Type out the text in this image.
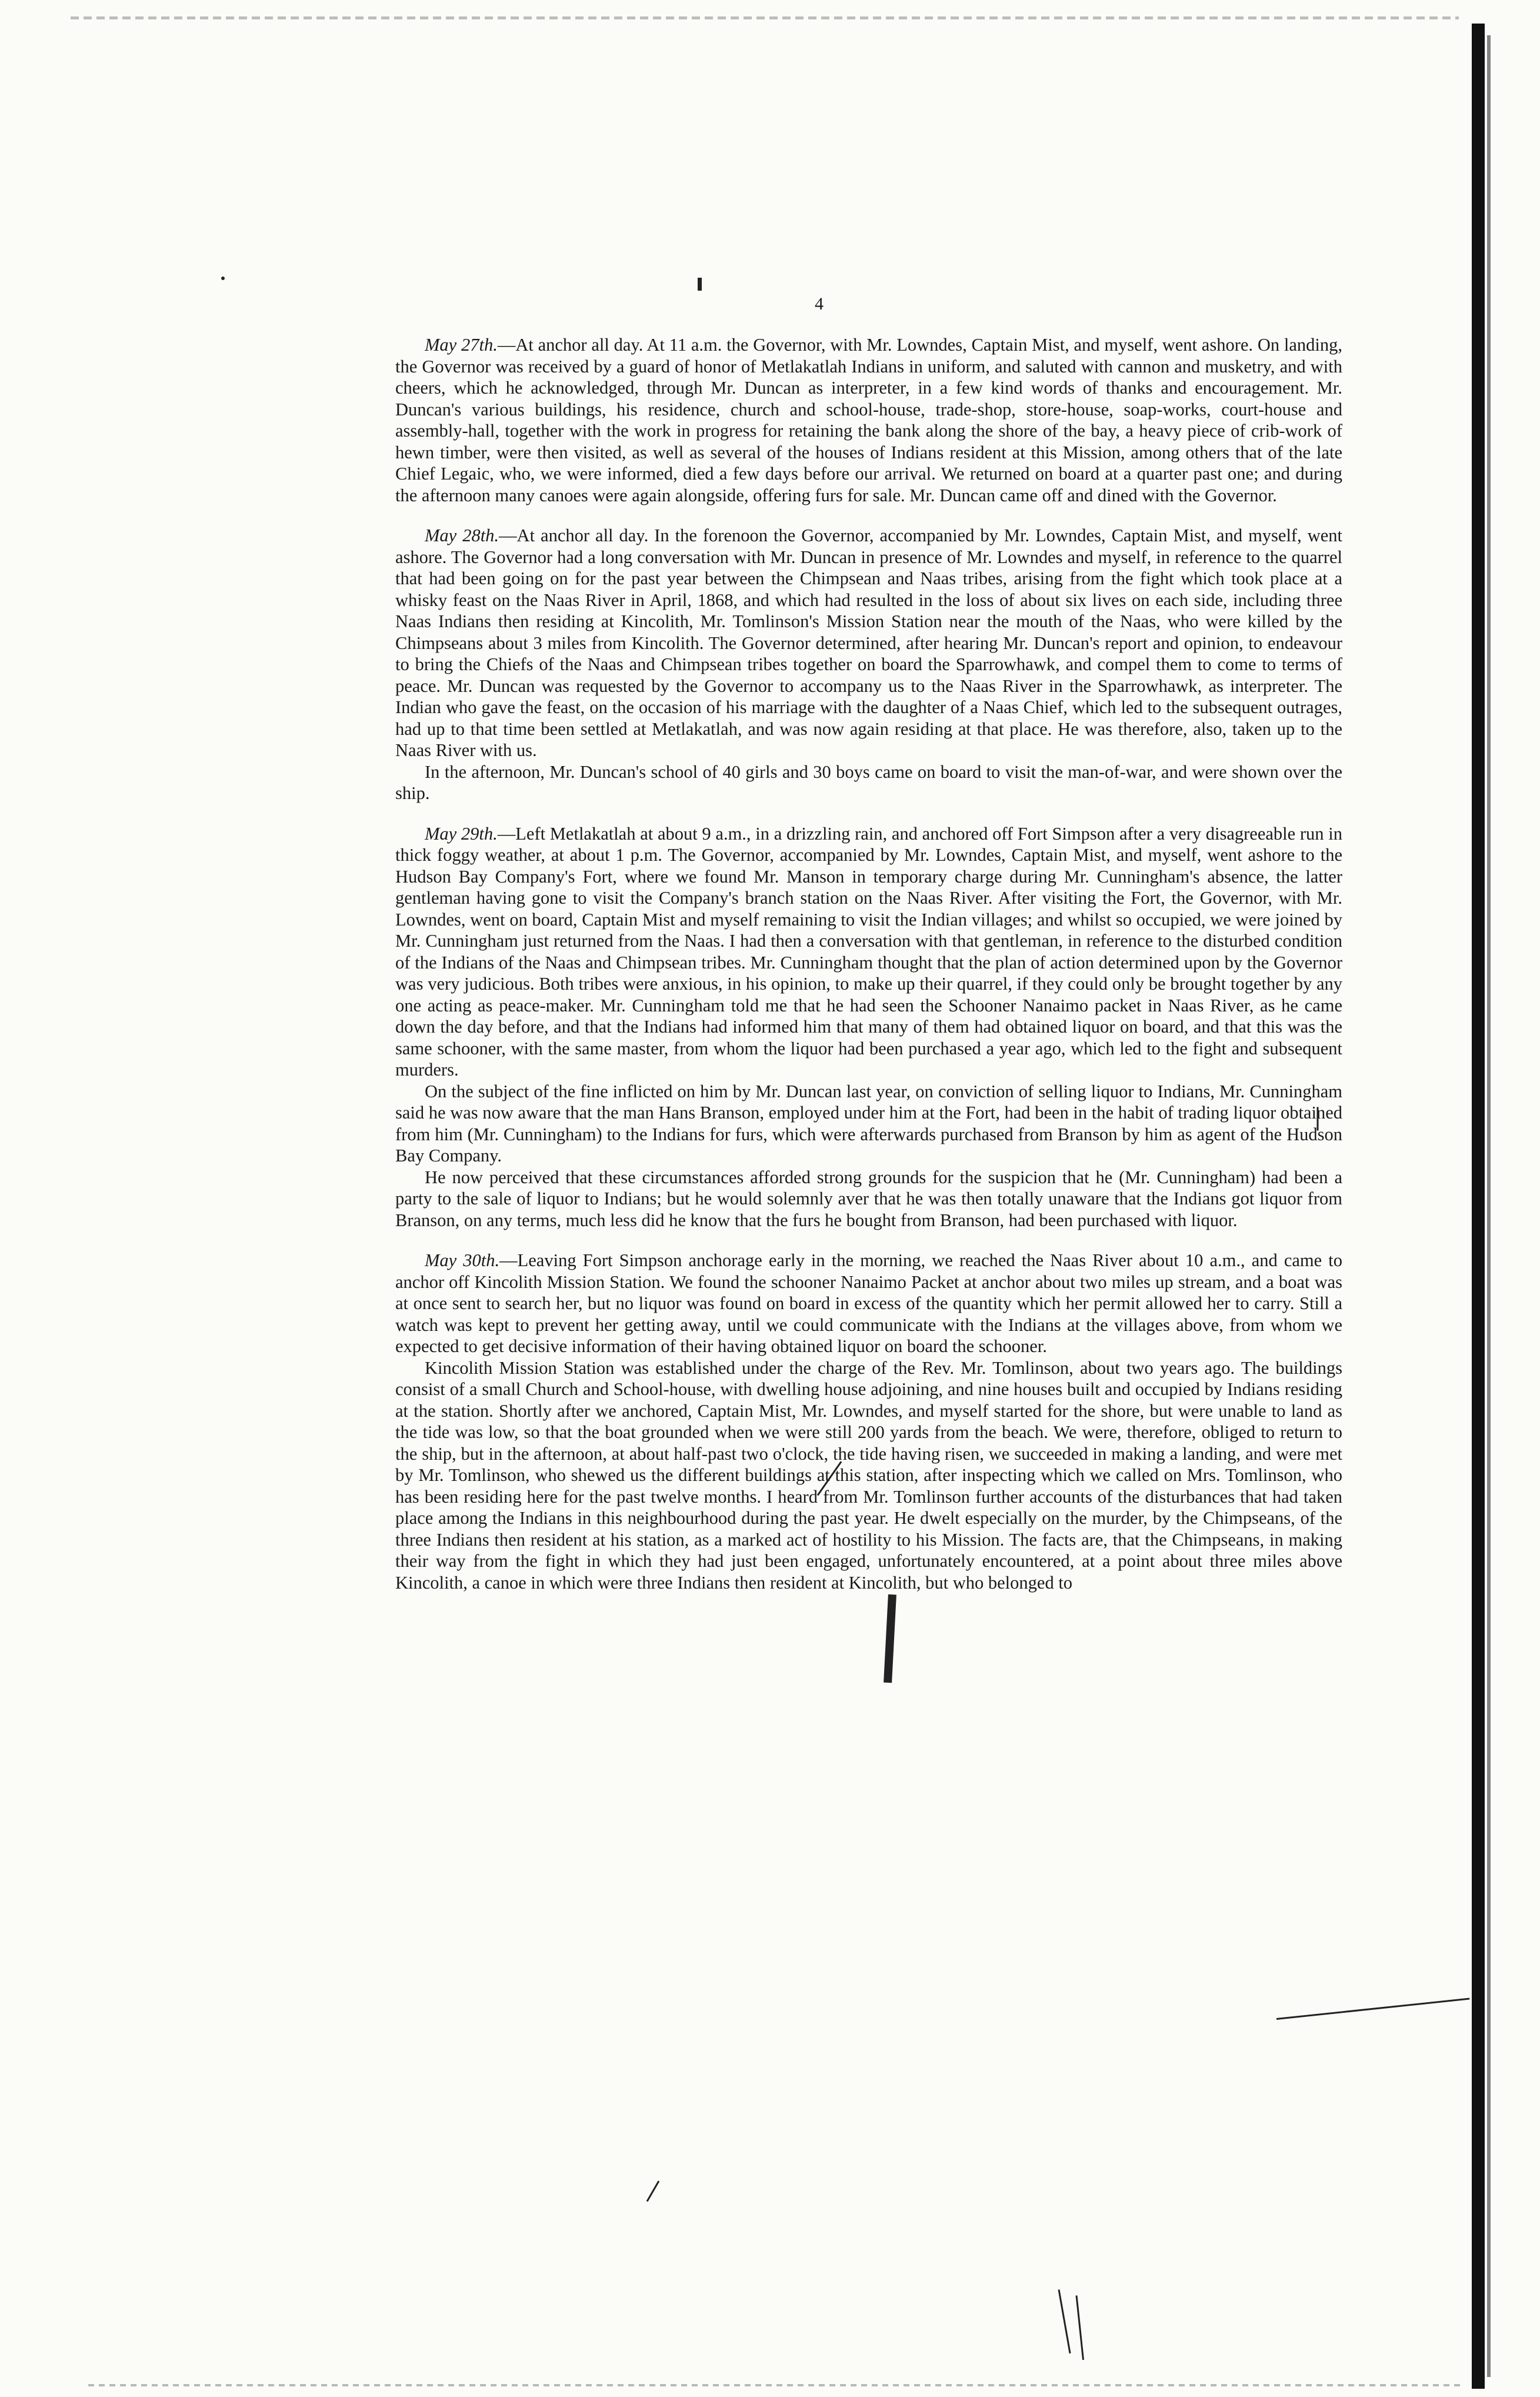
4

May 27th.—At anchor all day. At 11 a.m. the Governor, with Mr. Lowndes, Captain Mist, and myself, went ashore. On landing, the Governor was received by a guard of honor of Metlakatlah Indians in uniform, and saluted with cannon and musketry, and with cheers, which he acknowledged, through Mr. Duncan as interpreter, in a few kind words of thanks and encouragement. Mr. Duncan's various buildings, his residence, church and school-house, trade-shop, store-house, soap-works, court-house and assembly-hall, together with the work in progress for retaining the bank along the shore of the bay, a heavy piece of crib-work of hewn timber, were then visited, as well as several of the houses of Indians resident at this Mission, among others that of the late Chief Legaic, who, we were informed, died a few days before our arrival. We returned on board at a quarter past one; and during the afternoon many canoes were again alongside, offering furs for sale. Mr. Duncan came off and dined with the Governor.

May 28th.—At anchor all day. In the forenoon the Governor, accompanied by Mr. Lowndes, Captain Mist, and myself, went ashore. The Governor had a long conversation with Mr. Duncan in presence of Mr. Lowndes and myself, in reference to the quarrel that had been going on for the past year between the Chimpsean and Naas tribes, arising from the fight which took place at a whisky feast on the Naas River in April, 1868, and which had resulted in the loss of about six lives on each side, including three Naas Indians then residing at Kincolith, Mr. Tomlinson's Mission Station near the mouth of the Naas, who were killed by the Chimpseans about 3 miles from Kincolith. The Governor determined, after hearing Mr. Duncan's report and opinion, to endeavour to bring the Chiefs of the Naas and Chimpsean tribes together on board the Sparrowhawk, and compel them to come to terms of peace. Mr. Duncan was requested by the Governor to accompany us to the Naas River in the Sparrowhawk, as interpreter. The Indian who gave the feast, on the occasion of his marriage with the daughter of a Naas Chief, which led to the subsequent outrages, had up to that time been settled at Metlakatlah, and was now again residing at that place. He was therefore, also, taken up to the Naas River with us.

In the afternoon, Mr. Duncan's school of 40 girls and 30 boys came on board to visit the man-of-war, and were shown over the ship.

May 29th.—Left Metlakatlah at about 9 a.m., in a drizzling rain, and anchored off Fort Simpson after a very disagreeable run in thick foggy weather, at about 1 p.m. The Governor, accompanied by Mr. Lowndes, Captain Mist, and myself, went ashore to the Hudson Bay Company's Fort, where we found Mr. Manson in temporary charge during Mr. Cunningham's absence, the latter gentleman having gone to visit the Company's branch station on the Naas River. After visiting the Fort, the Governor, with Mr. Lowndes, went on board, Captain Mist and myself remaining to visit the Indian villages; and whilst so occupied, we were joined by Mr. Cunningham just returned from the Naas. I had then a conversation with that gentleman, in reference to the disturbed condition of the Indians of the Naas and Chimpsean tribes. Mr. Cunningham thought that the plan of action determined upon by the Governor was very judicious. Both tribes were anxious, in his opinion, to make up their quarrel, if they could only be brought together by any one acting as peace-maker. Mr. Cunningham told me that he had seen the Schooner Nanaimo packet in Naas River, as he came down the day before, and that the Indians had informed him that many of them had obtained liquor on board, and that this was the same schooner, with the same master, from whom the liquor had been purchased a year ago, which led to the fight and subsequent murders.

On the subject of the fine inflicted on him by Mr. Duncan last year, on conviction of selling liquor to Indians, Mr. Cunningham said he was now aware that the man Hans Branson, employed under him at the Fort, had been in the habit of trading liquor obtained from him (Mr. Cunningham) to the Indians for furs, which were afterwards purchased from Branson by him as agent of the Hudson Bay Company.

He now perceived that these circumstances afforded strong grounds for the suspicion that he (Mr. Cunningham) had been a party to the sale of liquor to Indians; but he would solemnly aver that he was then totally unaware that the Indians got liquor from Branson, on any terms, much less did he know that the furs he bought from Branson, had been purchased with liquor.

May 30th.—Leaving Fort Simpson anchorage early in the morning, we reached the Naas River about 10 a.m., and came to anchor off Kincolith Mission Station. We found the schooner Nanaimo Packet at anchor about two miles up stream, and a boat was at once sent to search her, but no liquor was found on board in excess of the quantity which her permit allowed her to carry. Still a watch was kept to prevent her getting away, until we could communicate with the Indians at the villages above, from whom we expected to get decisive information of their having obtained liquor on board the schooner.

Kincolith Mission Station was established under the charge of the Rev. Mr. Tomlinson, about two years ago. The buildings consist of a small Church and School-house, with dwelling house adjoining, and nine houses built and occupied by Indians residing at the station. Shortly after we anchored, Captain Mist, Mr. Lowndes, and myself started for the shore, but were unable to land as the tide was low, so that the boat grounded when we were still 200 yards from the beach. We were, therefore, obliged to return to the ship, but in the afternoon, at about half-past two o'clock, the tide having risen, we succeeded in making a landing, and were met by Mr. Tomlinson, who shewed us the different buildings at this station, after inspecting which we called on Mrs. Tomlinson, who has been residing here for the past twelve months. I heard from Mr. Tomlinson further accounts of the disturbances that had taken place among the Indians in this neighbourhood during the past year. He dwelt especially on the murder, by the Chimpseans, of the three Indians then resident at his station, as a marked act of hostility to his Mission. The facts are, that the Chimpseans, in making their way from the fight in which they had just been engaged, unfortunately encountered, at a point about three miles above Kincolith, a canoe in which were three Indians then resident at Kincolith, but who belonged to
